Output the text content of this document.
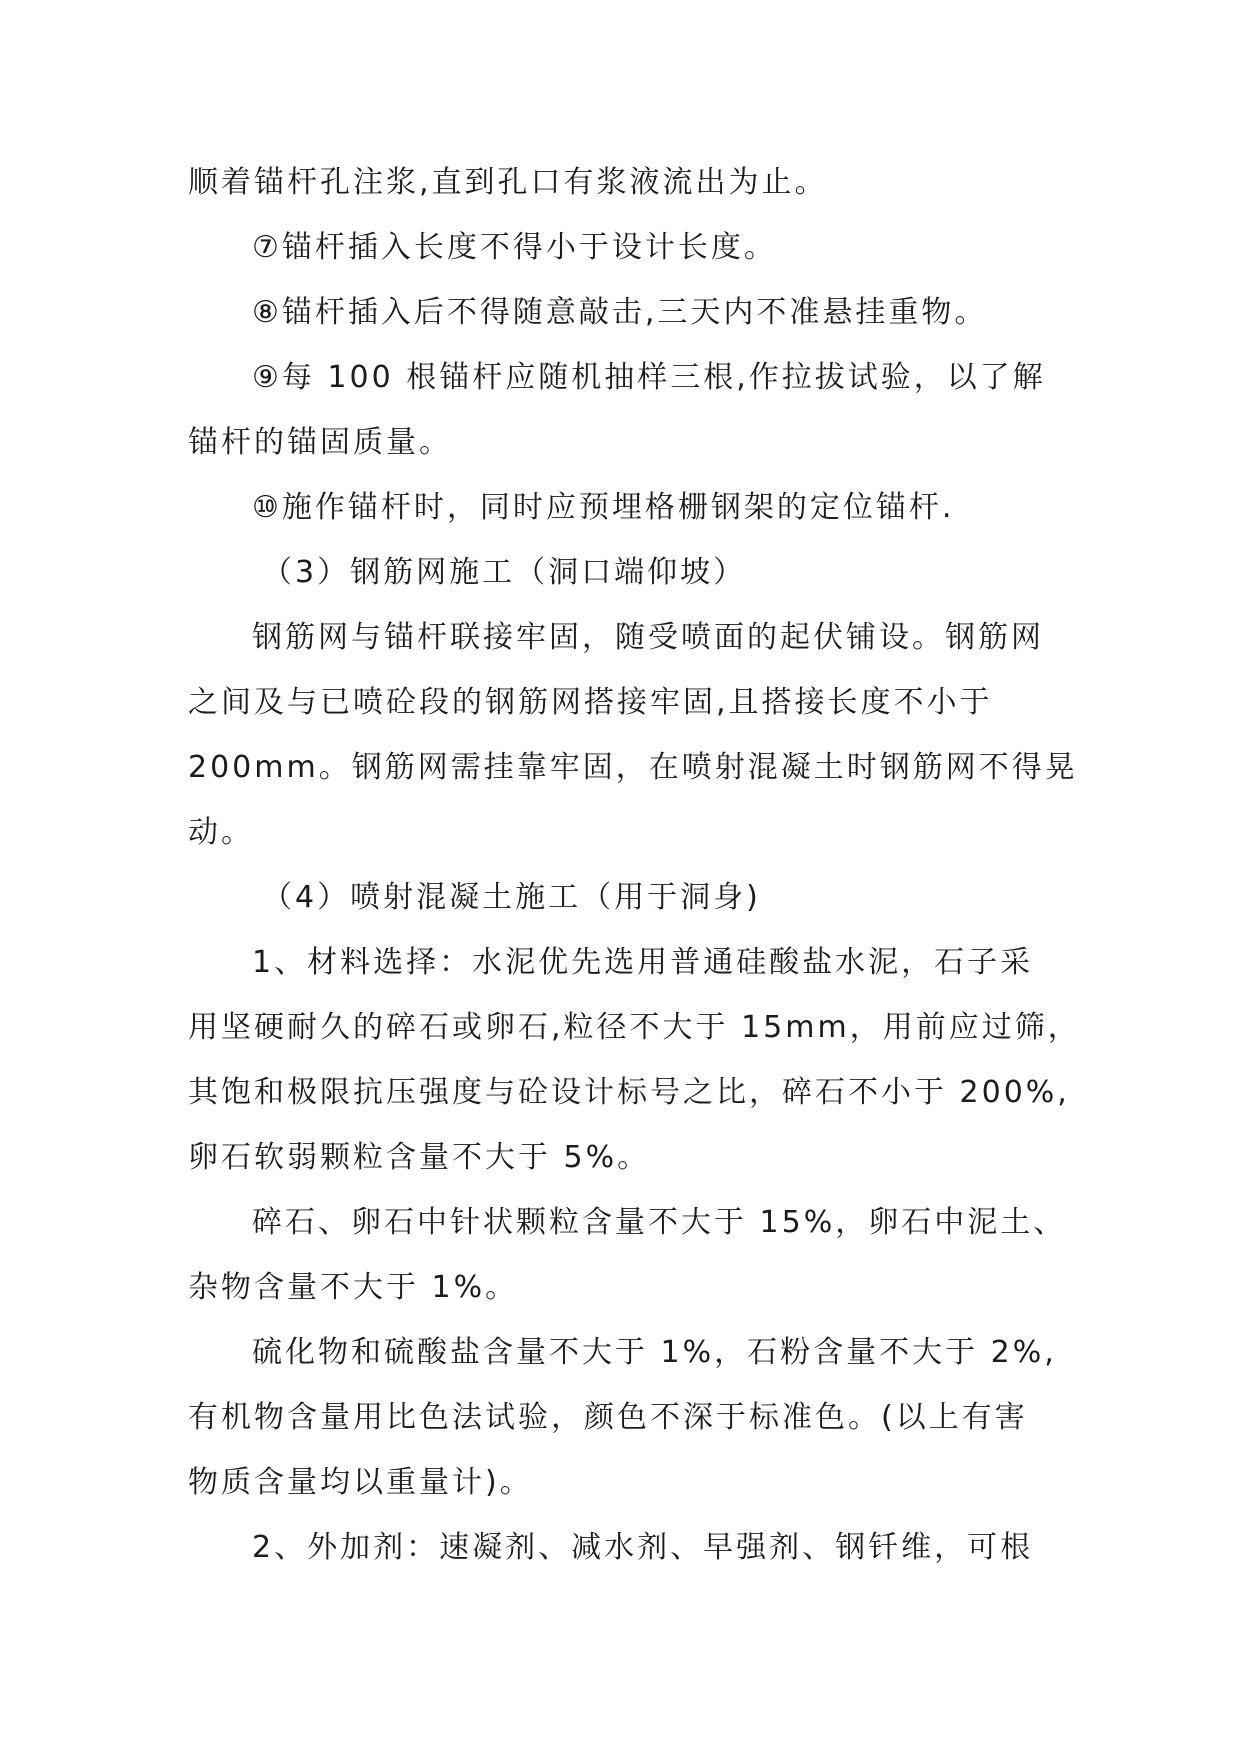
顺着锚杆孔注浆,直到孔口有浆液流出为止。
⑦锚杆插入长度不得小于设计长度。
⑧锚杆插入后不得随意敲击,三天内不准悬挂重物。
⑨每 100 根锚杆应随机抽样三根,作拉拔试验，以了解
锚杆的锚固质量。
⑩施作锚杆时，同时应预埋格栅钢架的定位锚杆.
（3）钢筋网施工（洞口端仰坡）
钢筋网与锚杆联接牢固，随受喷面的起伏铺设。钢筋网
之间及与已喷砼段的钢筋网搭接牢固,且搭接长度不小于
200mm。钢筋网需挂靠牢固，在喷射混凝土时钢筋网不得晃
动。
（4）喷射混凝土施工（用于洞身)
1、材料选择：水泥优先选用普通硅酸盐水泥，石子采
用坚硬耐久的碎石或卵石,粒径不大于 15mm，用前应过筛，
其饱和极限抗压强度与砼设计标号之比，碎石不小于 200%,
卵石软弱颗粒含量不大于 5%。
碎石、卵石中针状颗粒含量不大于 15%，卵石中泥土、
杂物含量不大于 1%。
硫化物和硫酸盐含量不大于 1%，石粉含量不大于 2%,
有机物含量用比色法试验，颜色不深于标准色。(以上有害
物质含量均以重量计)。
2、外加剂：速凝剂、减水剂、早强剂、钢钎维，可根
